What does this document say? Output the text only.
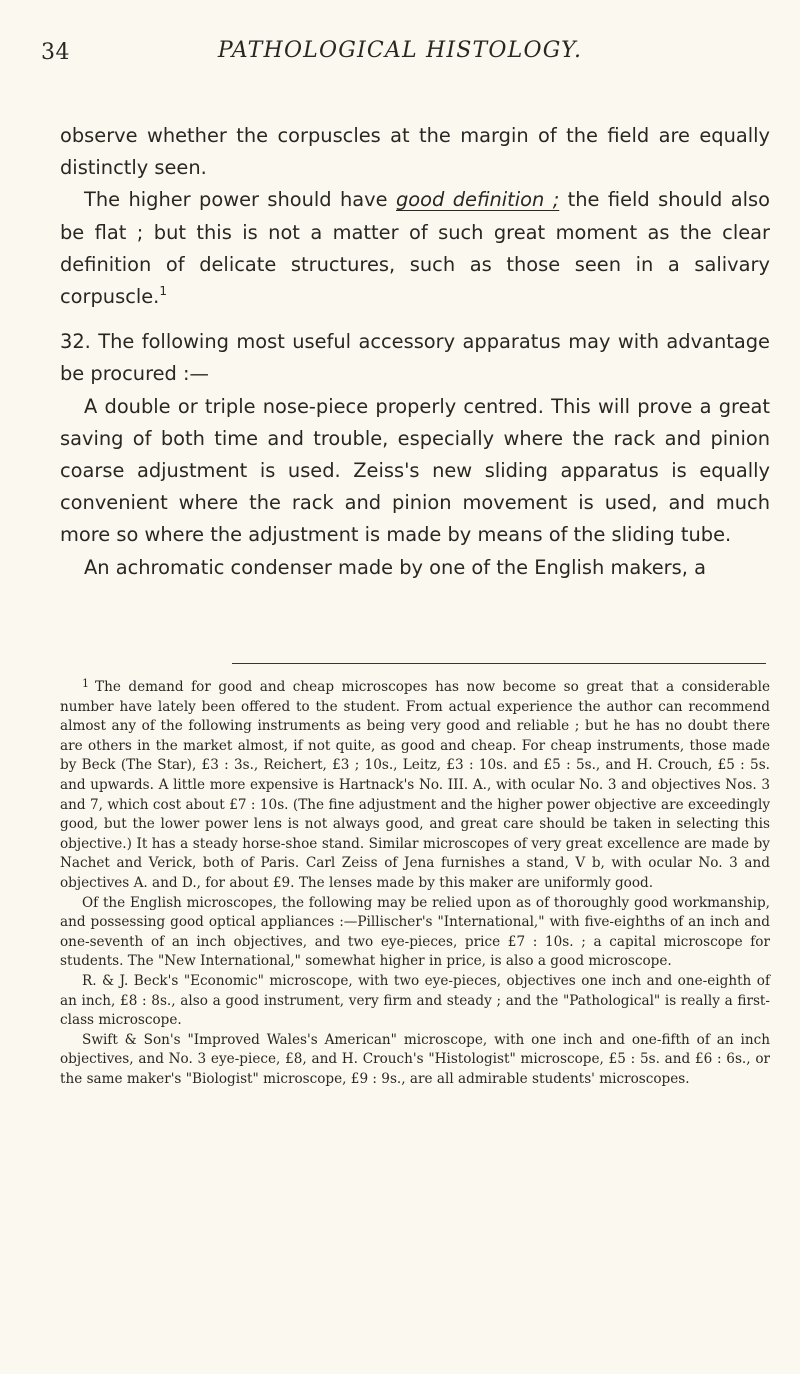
34	PATHOLOGICAL HISTOLOGY.

observe whether the corpuscles at the margin of the field are equally distinctly seen.

The higher power should have good definition ; the field should also be flat ; but this is not a matter of such great moment as the clear definition of delicate structures, such as those seen in a salivary corpuscle.$^1$

32. The following most useful accessory apparatus may with advantage be procured :—

A double or triple nose-piece properly centred. This will prove a great saving of both time and trouble, especially where the rack and pinion coarse adjustment is used. Zeiss's new sliding apparatus is equally convenient where the rack and pinion movement is used, and much more so where the adjustment is made by means of the sliding tube.

An achromatic condenser made by one of the English makers, a

$^1$ The demand for good and cheap microscopes has now become so great that a considerable number have lately been offered to the student. From actual experience the author can recommend almost any of the following instruments as being very good and reliable ; but he has no doubt there are others in the market almost, if not quite, as good and cheap. For cheap instruments, those made by Beck (The Star), £3 : 3s., Reichert, £3 ; 10s., Leitz, £3 : 10s. and £5 : 5s., and H. Crouch, £5 : 5s. and upwards. A little more expensive is Hartnack's No. III. A., with ocular No. 3 and objectives Nos. 3 and 7, which cost about £7 : 10s. (The fine adjustment and the higher power objective are exceedingly good, but the lower power lens is not always good, and great care should be taken in selecting this objective.) It has a steady horse-shoe stand. Similar microscopes of very great excellence are made by Nachet and Verick, both of Paris. Carl Zeiss of Jena furnishes a stand, V b, with ocular No. 3 and objectives A. and D., for about £9. The lenses made by this maker are uniformly good.

Of the English microscopes, the following may be relied upon as of thoroughly good workmanship, and possessing good optical appliances :—Pillischer's "International," with five-eighths of an inch and one-seventh of an inch objectives, and two eye-pieces, price £7 : 10s. ; a capital microscope for students. The "New International," somewhat higher in price, is also a good microscope.

R. & J. Beck's "Economic" microscope, with two eye-pieces, objectives one inch and one-eighth of an inch, £8 : 8s., also a good instrument, very firm and steady ; and the "Pathological" is really a first-class microscope.

Swift & Son's "Improved Wales's American" microscope, with one inch and one-fifth of an inch objectives, and No. 3 eye-piece, £8, and H. Crouch's "Histologist" microscope, £5 : 5s. and £6 : 6s., or the same maker's "Biologist" microscope, £9 : 9s., are all admirable students' microscopes.
